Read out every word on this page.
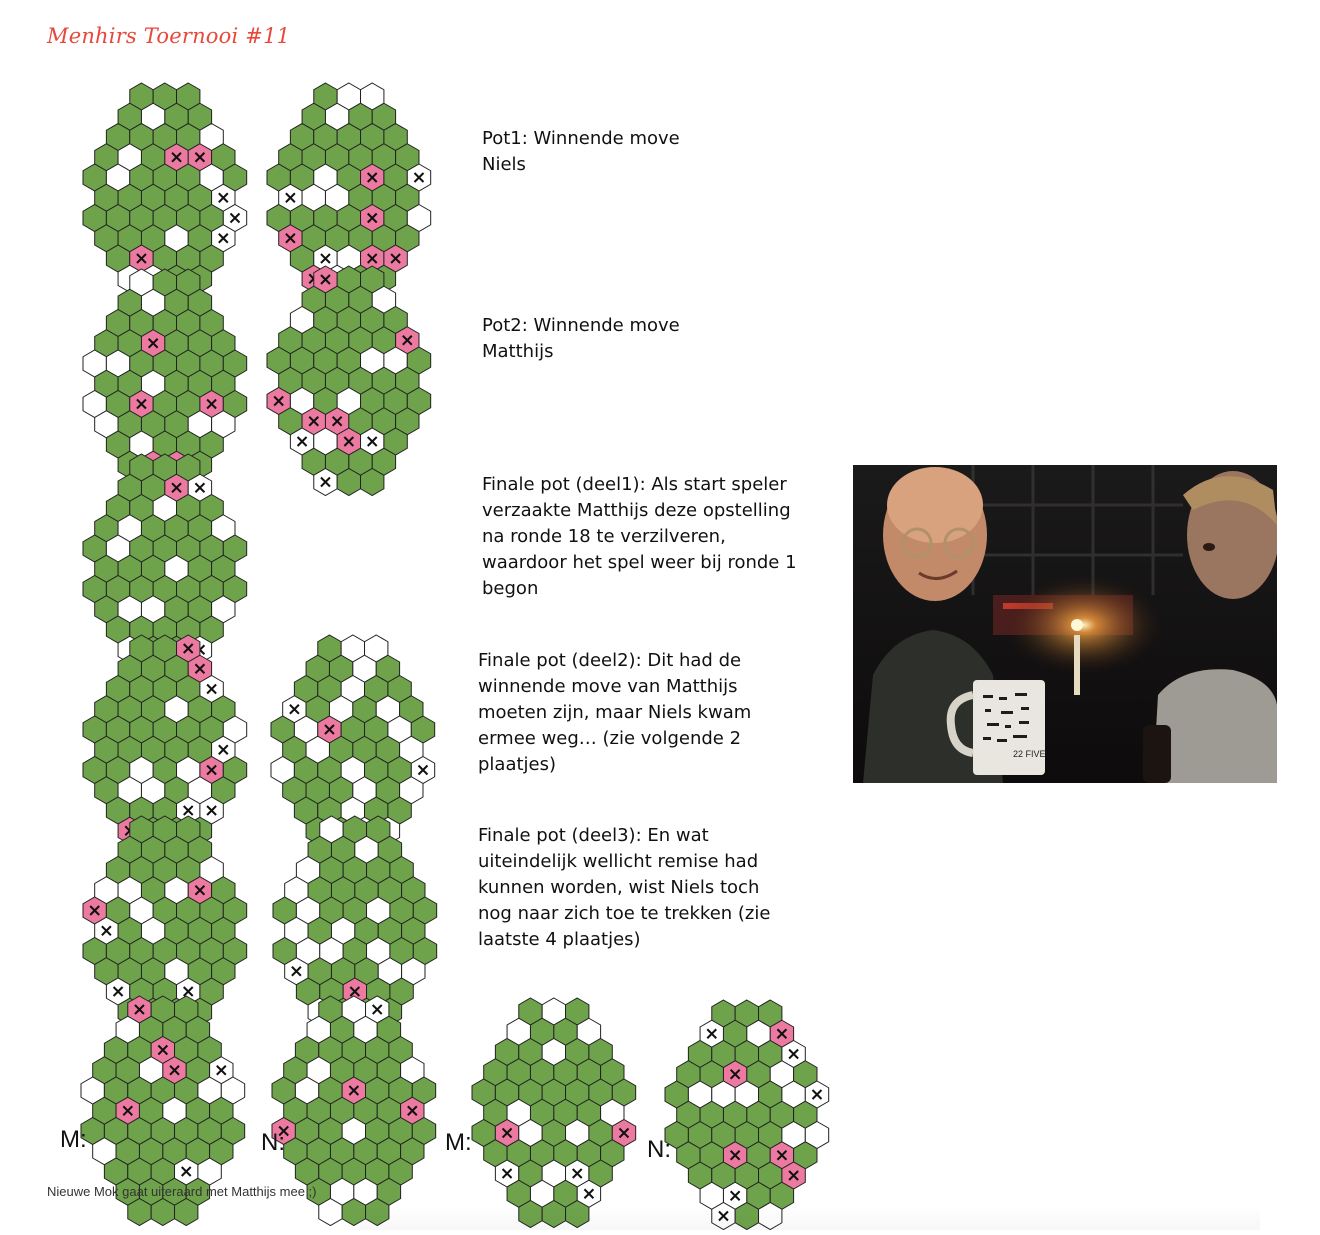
Menhirs Toernooi #11
Pot1: Winnende move
Niels
Pot2: Winnende move
Matthijs
Finale pot (deel1): Als start speler
verzaakte Matthijs deze opstelling
na ronde 18 te verzilveren,
waardoor het spel weer bij ronde 1
begon
Finale pot (deel2): Dit had de
winnende move van Matthijs
moeten zijn, maar Niels kwam
ermee weg… (zie volgende 2
plaatjes)
Finale pot (deel3): En wat
uiteindelijk wellicht remise had
kunnen worden, wist Niels toch
nog naar zich toe te trekken (zie
laatste 4 plaatjes)
M:	N:	M:	N:
22 FIVE
Nieuwe Mok gaat uiteraard met Matthijs mee ;)
